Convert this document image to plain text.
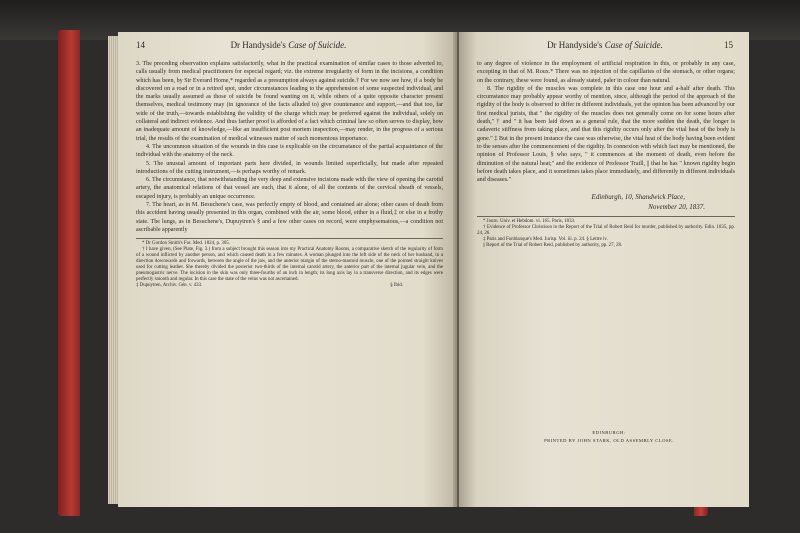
14	Dr Handyside's Case of Suicide.

3. The preceding observation explains satisfactorily, what in the practical examination of similar cases to those adverted to, calls usually from medical practitioners for especial regard; viz. the extreme irregularity of form in the incisions, a condition which has been, by Sir Everard Home,* regarded as a presumption always against suicide.† For we now see how, if a body be discovered on a road or in a retired spot, under circumstances leading to the apprehension of some suspected individual, and the marks usually assumed as those of suicide be found wanting on it, while others of a quite opposite character present themselves, medical testimony may (in ignorance of the facts alluded to) give countenance and support,—and that too, far wide of the truth,—towards establishing the validity of the charge which may be preferred against the individual, solely on collateral and indirect evidence. And thus farther proof is afforded of a fact which criminal law so often serves to display, how an inadequate amount of knowledge,—like an insufficient post mortem inspection,—may render, in the progress of a serious trial, the results of the examination of medical witnesses matter of such momentous importance.

4. The uncommon situation of the wounds in this case is explicable on the circumstance of the partial acquaintance of the individual with the anatomy of the neck.

5. The unusual amount of important parts here divided, in wounds limited superficially, but made after repeated introductions of the cutting instrument,—is perhaps worthy of remark.

6. The circumstance, that notwithstanding the very deep and extensive incisions made with the view of opening the carotid artery, the anatomical relations of that vessel are such, that it alone, of all the contents of the cervical sheath of vessels, escaped injury, is probably an unique occurrence.

7. The heart, as in M. Besuchene's case, was perfectly empty of blood, and contained air alone; other cases of death from this accident having usually presented in this organ, combined with the air, some blood, either in a fluid,‡ or else in a frothy state. The lungs, as in Besuchene's, Dupuytren's § and a few other cases on record, were emphysematous,—a condition not ascribable apparently

* Dr Gordon Smith's For. Med. 1824, p. 305.

† I have given, (See Plate, Fig. 3.) from a subject brought this season into my Practical Anatomy Rooms, a comparative sketch of the regularity of form of a wound inflicted by another person, and which caused death in a few minutes. A woman plunged into the left side of the neck of her husband, in a direction downwards and forwards, between the angle of the jaw, and the anterior margin of the sterno-mastoid muscle, one of the pointed straight knives used for cutting leather. She thereby divided the posterior two-thirds of the internal carotid artery, the anterior part of the internal jugular vein, and the pneumogastric nerve. The incision in the skin was only three-fourths of an inch in length; its long axis lay in a transverse direction, and its edges were perfectly smooth and regular. In this case the state of the veins was not ascertained.

‡ Dupuytren, Archiv. Gén. v. 433.	§ Ibid.
Dr Handyside's Case of Suicide.	15

to any degree of violence in the employment of artificial respiration in this, or probably in any case, excepting in that of M. Roux.* There was no injection of the capillaries of the stomach, or other organs; on the contrary, these were found, as already stated, paler in colour than natural.

8. The rigidity of the muscles was complete in this case one hour and a-half after death. This circumstance may probably appear worthy of mention, since, although the period of the approach of the rigidity of the body is observed to differ in different individuals, yet the opinion has been advanced by our first medical jurists, that " the rigidity of the muscles does not generally come on for some hours after death," † and " it has been laid down as a general rule, that the more sudden the death, the longer is cadaveric stiffness from taking place, and that this rigidity occurs only after the vital heat of the body is gone." ‡ But in the present instance the case was otherwise, the vital heat of the body having been evident to the senses after the commencement of the rigidity. In connexion with which fact may be mentioned, the opinion of Professor Louis, § who says, " it commences at the moment of death, even before the diminution of the natural heat;" and the evidence of Professor Traill, || that he has " known rigidity begin before death takes place, and it sometimes takes place immediately, and differently in different individuals and diseases."

Edinburgh, 10, Shandwick Place,
November 20, 1837.

* Journ. Univ. et Hebdom. vi. 165. Paris, 1833.

† Evidence of Professor Christison in the Report of the Trial of Robert Reid for murder, published by authority. Edin. 1835, pp. 24, 26.

‡ Paris and Fonblanque's Med. Jurisp. Vol. iii. p. 24. § Lettre iv.

|| Report of the Trial of Robert Reid, published by authority, pp. 27, 28.

EDINBURGH:
PRINTED BY JOHN STARK, OLD ASSEMBLY CLOSE.
